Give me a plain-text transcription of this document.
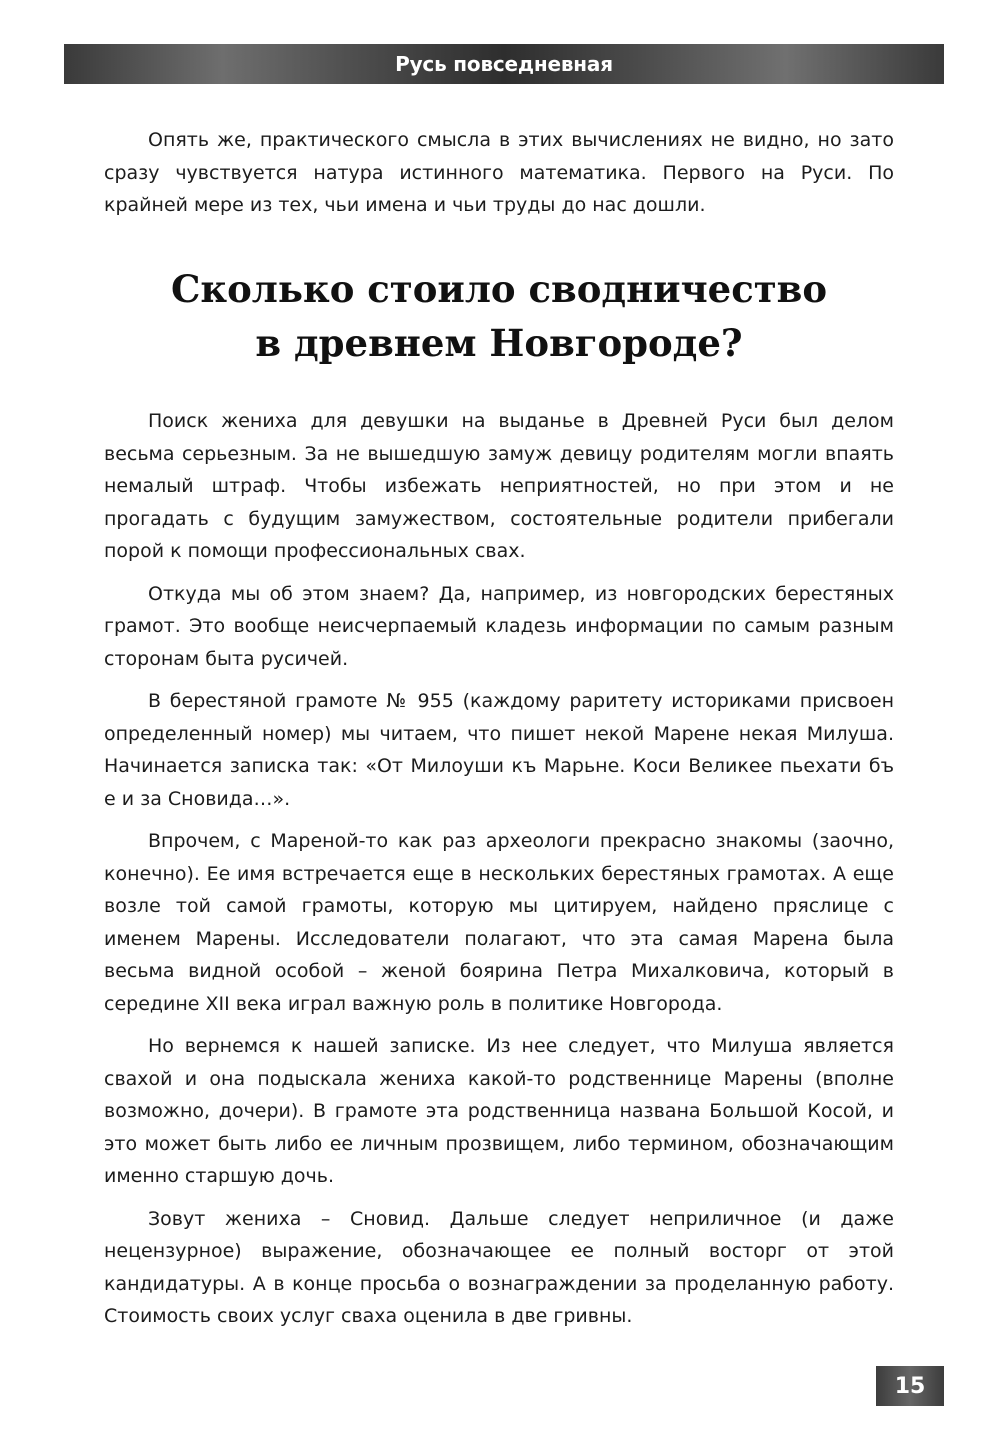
Русь повседневная

Опять же, практического смысла в этих вычислениях не видно, но зато сразу чувствуется натура истинного математика. Первого на Руси. По крайней мере из тех, чьи имена и чьи труды до нас дошли.

Сколько стоило сводничество
в древнем Новгороде?

Поиск жениха для девушки на выданье в Древней Руси был делом весьма серьезным. За не вышедшую замуж девицу родителям могли впаять немалый штраф. Чтобы избежать неприятностей, но при этом и не прогадать с будущим замужеством, состоятельные родители прибегали порой к помощи профессиональных свах.

Откуда мы об этом знаем? Да, например, из новгородских берестяных грамот. Это вообще неисчерпаемый кладезь информации по самым разным сторонам быта русичей.

В берестяной грамоте № 955 (каждому раритету историками присвоен определенный номер) мы читаем, что пишет некой Марене некая Милуша. Начинается записка так: «От Милоуши къ Марьне. Коси Великее пьехати бъ е и за Сновида…».

Впрочем, с Мареной-то как раз археологи прекрасно знакомы (заочно, конечно). Ее имя встречается еще в нескольких берестяных грамотах. А еще возле той самой грамоты, которую мы цитируем, найдено пряслице с именем Марены. Исследователи полагают, что эта самая Марена была весьма видной особой – женой боярина Петра Михалковича, который в середине XII века играл важную роль в политике Новгорода.

Но вернемся к нашей записке. Из нее следует, что Милуша является свахой и она подыскала жениха какой-то родственнице Марены (вполне возможно, дочери). В грамоте эта родственница названа Большой Косой, и это может быть либо ее личным прозвищем, либо термином, обозначающим именно старшую дочь.

Зовут жениха – Сновид. Дальше следует неприличное (и даже нецензурное) выражение, обозначающее ее полный восторг от этой кандидатуры. А в конце просьба о вознаграждении за проделанную работу. Стоимость своих услуг сваха оценила в две гривны.

15
